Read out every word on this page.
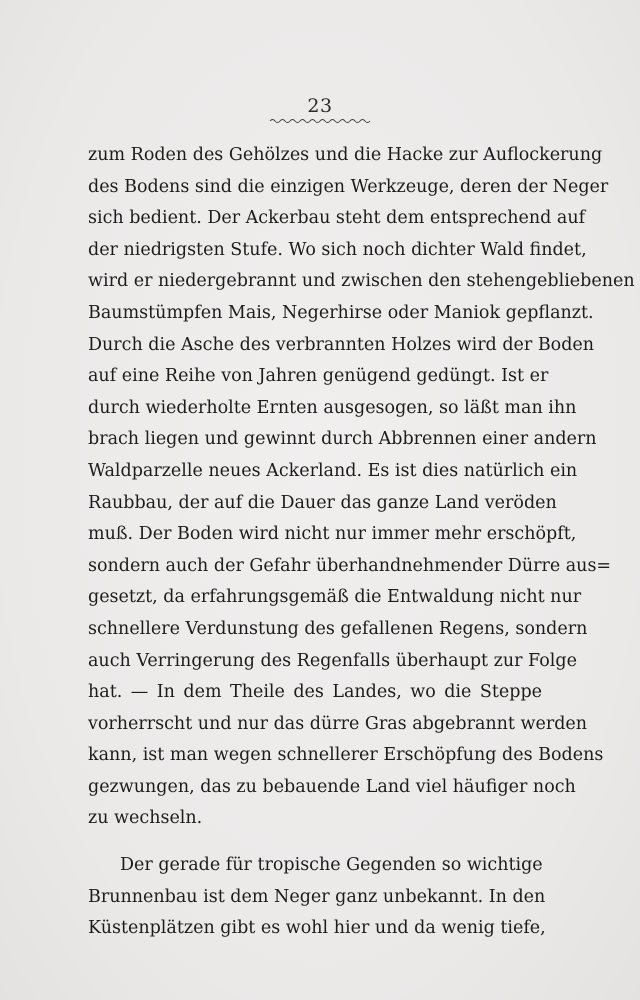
23
zum Roden des Gehölzes und die Hacke zur Auflockerung
des Bodens sind die einzigen Werkzeuge, deren der Neger
sich bedient. Der Ackerbau steht dem entsprechend auf
der niedrigsten Stufe. Wo sich noch dichter Wald findet,
wird er niedergebrannt und zwischen den stehengebliebenen
Baumstümpfen Mais, Negerhirse oder Maniok gepflanzt.
Durch die Asche des verbrannten Holzes wird der Boden
auf eine Reihe von Jahren genügend gedüngt. Ist er
durch wiederholte Ernten ausgesogen, so läßt man ihn
brach liegen und gewinnt durch Abbrennen einer andern
Waldparzelle neues Ackerland. Es ist dies natürlich ein
Raubbau, der auf die Dauer das ganze Land veröden
muß. Der Boden wird nicht nur immer mehr erschöpft,
sondern auch der Gefahr überhandnehmender Dürre aus=
gesetzt, da erfahrungsgemäß die Entwaldung nicht nur
schnellere Verdunstung des gefallenen Regens, sondern
auch Verringerung des Regenfalls überhaupt zur Folge
hat. — In dem Theile des Landes, wo die Steppe
vorherrscht und nur das dürre Gras abgebrannt werden
kann, ist man wegen schnellerer Erschöpfung des Bodens
gezwungen, das zu bebauende Land viel häufiger noch
zu wechseln.
Der gerade für tropische Gegenden so wichtige
Brunnenbau ist dem Neger ganz unbekannt. In den
Küstenplätzen gibt es wohl hier und da wenig tiefe,
